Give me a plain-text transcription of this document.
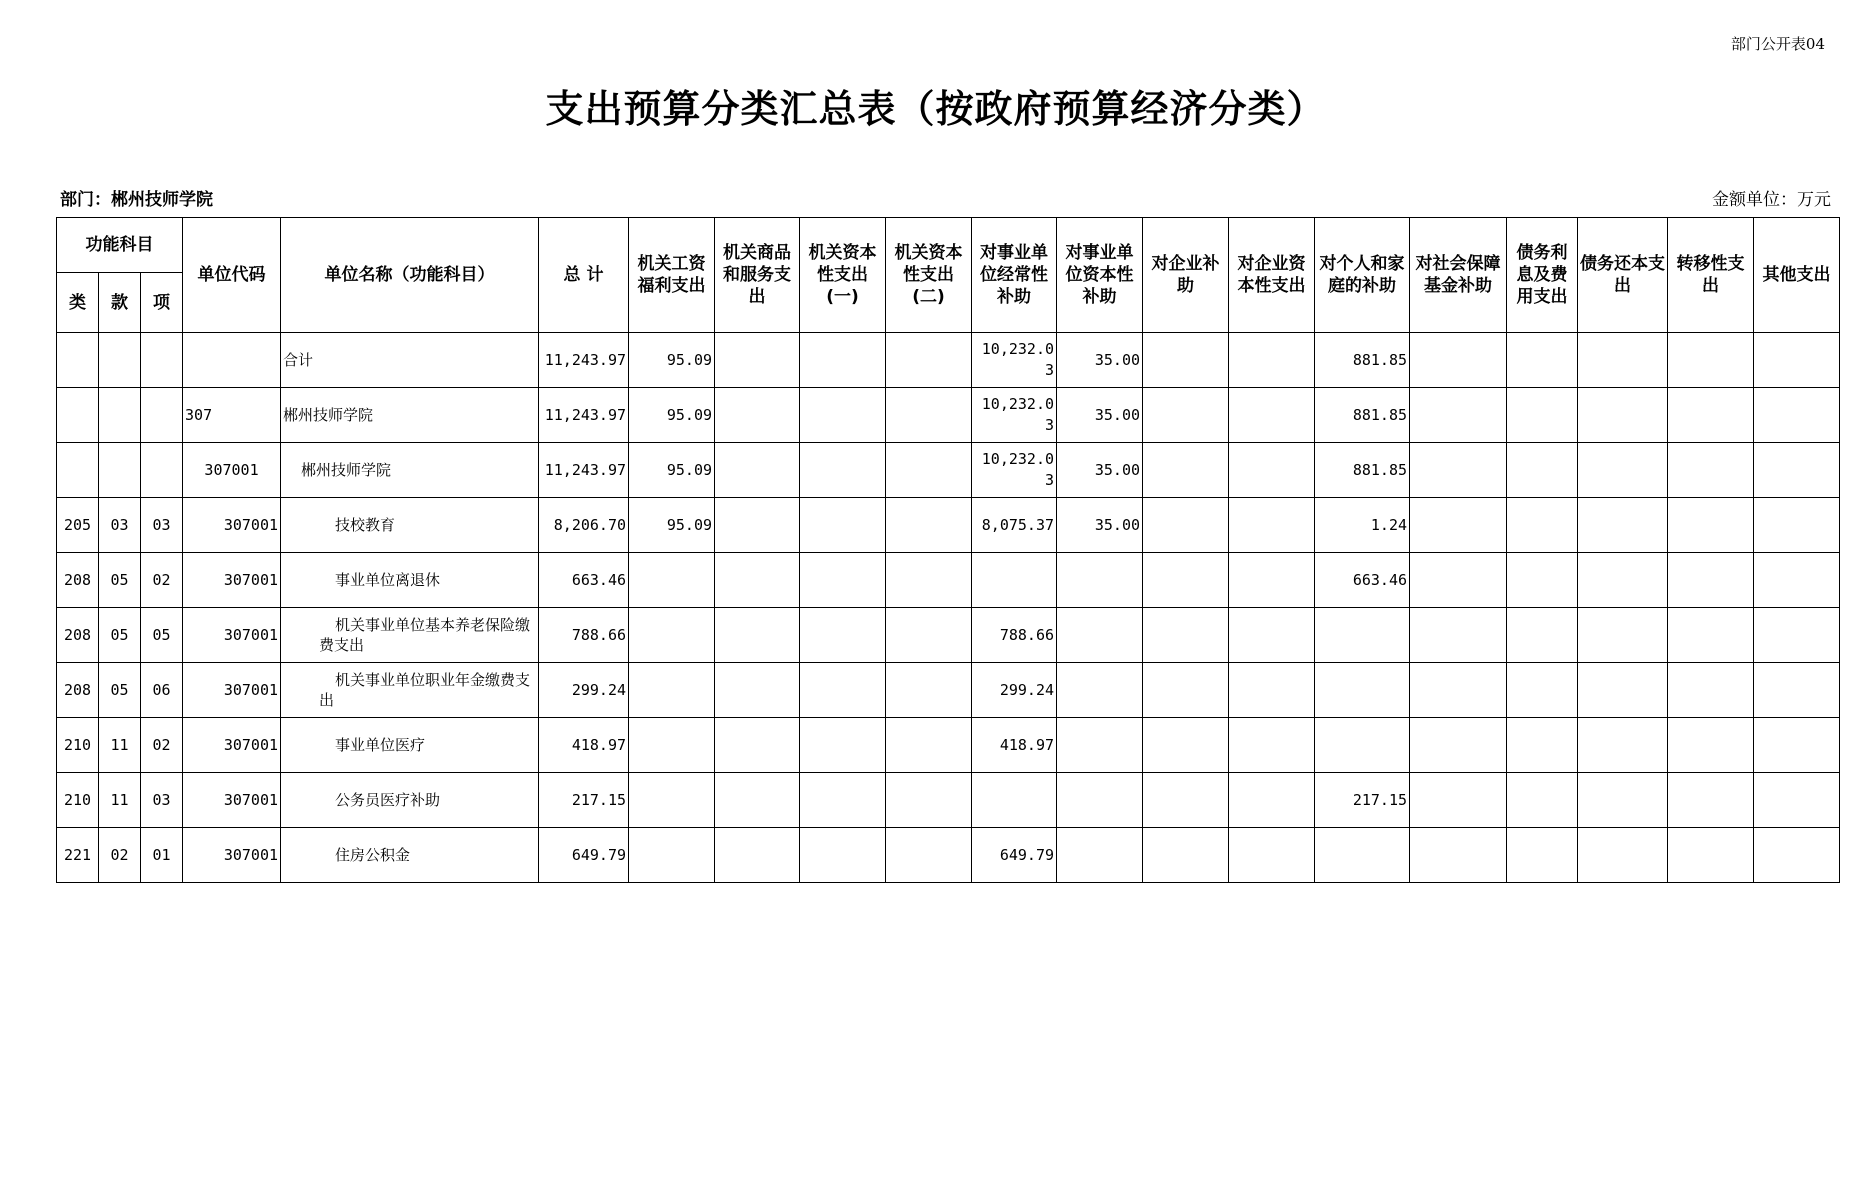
部门公开表04
支出预算分类汇总表（按政府预算经济分类）
部门：郴州技师学院	金额单位：万元
功能科目			单位代码	单位名称（功能科目）	总 计	机关工资福利支出	机关商品和服务支出	机关资本性支出(一)	机关资本性支出(二)	对事业单位经常性补助	对事业单位资本性补助	对企业补助	对企业资本性支出	对个人和家庭的补助	对社会保障基金补助	债务利息及费用支出	债务还本支出	转移性支出	其他支出
类	款	项																	
				合计	11,243.97	95.09				10,232.03	35.00			881.85					
			307	郴州技师学院	11,243.97	95.09				10,232.03	35.00			881.85					
			307001	郴州技师学院	11,243.97	95.09				10,232.03	35.00			881.85					
205	03	03	307001	技校教育	8,206.70	95.09				8,075.37	35.00			1.24					
208	05	02	307001	事业单位离退休	663.46									663.46					
208	05	05	307001	机关事业单位基本养老保险缴费支出	788.66					788.66									
208	05	06	307001	机关事业单位职业年金缴费支出	299.24					299.24									
210	11	02	307001	事业单位医疗	418.97					418.97									
210	11	03	307001	公务员医疗补助	217.15									217.15					
221	02	01	307001	住房公积金	649.79					649.79									
